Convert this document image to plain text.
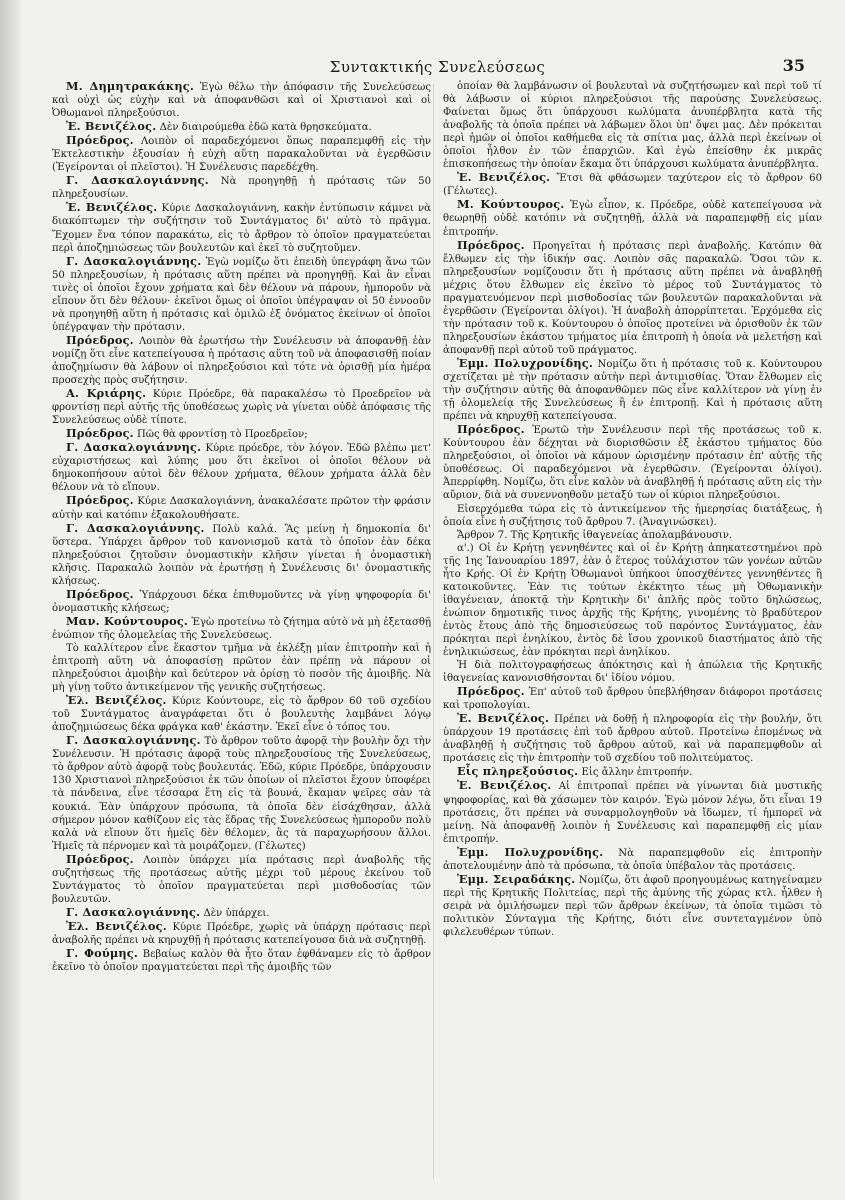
Συντακτικής Συνελεύσεως	35

Μ. Δημητρακάκης. Ἐγὼ θέλω τὴν ἀπόφασιν τῆς Συνελεύσεως καὶ οὐχὶ ὡς εὐχὴν καὶ νὰ ἀποφανθῶσι καὶ οἱ Χριστιανοὶ καὶ οἱ Ὀθωμανοὶ πληρεξούσιοι.

Ἐ. Βενιζέλος. Δὲν διαιρούμεθα ἐδῶ κατὰ θρησκεύματα.

Πρόεδρος. Λοιπὸν οἱ παραδεχόμενοι ὅπως παραπεμφθῇ εἰς τὴν Ἐκτελεστικὴν ἐξουσίαν ἡ εὐχὴ αὕτη παρακαλοῦνται νὰ ἐγερθῶσιν (Ἐγείρονται οἱ πλεῖστοι). Ἡ Συνέλευσις παρεδέχθη.

Γ. Δασκαλογιάννης. Νὰ προηγηθῇ ἡ πρότασις τῶν 50 πληρεξουσίων.

Ἐ. Βενιζέλος. Κύριε Δασκαλογιάννη, κακὴν ἐντύπωσιν κάμνει νὰ διακόπτωμεν τὴν συζήτησιν τοῦ Συντάγματος δι' αὐτὸ τὸ πρᾶγμα. Ἔχομεν ἕνα τόπον παρακάτω, εἰς τὸ ἄρθρον τὸ ὁποῖον πραγματεύεται περὶ ἀποζημιώσεως τῶν βουλευτῶν καὶ ἐκεῖ τὸ συζητοῦμεν.

Γ. Δασκαλογιάννης. Ἐγὼ νομίζω ὅτι ἐπειδὴ ὑπεγράφη ἄνω τῶν 50 πληρεξουσίων, ἡ πρότασις αὕτη πρέπει νὰ προηγηθῇ. Καὶ ἂν εἶναι τινὲς οἱ ὁποῖοι ἔχουν χρήματα καὶ δὲν θέλουν νὰ πάρουν, ἡμποροῦν νὰ εἴπουν ὅτι δὲν θέλουν· ἐκεῖνοι ὅμως οἱ ὁποῖοι ὑπέγραψαν οἱ 50 ἐννοοῦν νὰ προηγηθῇ αὕτη ἡ πρότασις καὶ ὁμιλῶ ἐξ ὀνόματος ἐκείνων οἱ ὁποῖοι ὑπέγραψαν τὴν πρότασιν.

Πρόεδρος. Λοιπὸν θὰ ἐρωτήσω τὴν Συνέλευσιν νὰ ἀποφανθῇ ἐὰν νομίζῃ ὅτι εἶνε κατεπείγουσα ἡ πρότασις αὕτη τοῦ νὰ ἀποφασισθῇ ποίαν ἀποζημίωσιν θὰ λάβουν οἱ πληρεξούσιοι καὶ τότε νὰ ὁρισθῇ μία ἡμέρα προσεχὴς πρὸς συζήτησιν.

Α. Κριάρης. Κύριε Πρόεδρε, θὰ παρακαλέσω τὸ Προεδρεῖον νὰ φροντίσῃ περὶ αὐτῆς τῆς ὑποθέσεως χωρὶς νὰ γίνεται οὐδὲ ἀπόφασις τῆς Συνελεύσεως οὐδὲ τίποτε.

Πρόεδρος. Πῶς θὰ φροντίσῃ τὸ Προεδρεῖον;

Γ. Δασκαλογιάννης. Κύριε πρόεδρε, τὸν λόγον. Ἐδῶ βλέπω μετ' εὐχαριστήσεως καὶ λύπης μου ὅτι ἐκεῖνοι οἱ ὁποῖοι θέλουν νὰ δημοκοπήσουν αὐτοὶ δὲν θέλουν χρήματα, θέλουν χρήματα ἀλλὰ δὲν θέλουν νὰ τὸ εἴπουν.

Πρόεδρος. Κύριε Δασκαλογιάννη, ἀνακαλέσατε πρῶτον τὴν φράσιν αὐτὴν καὶ κατόπιν ἐξακολουθήσατε.

Γ. Δασκαλογιάννης. Πολὺ καλά. Ἂς μείνῃ ἡ δημοκοπία δι' ὕστερα. Ὑπάρχει ἄρθρον τοῦ κανονισμοῦ κατὰ τὸ ὁποῖον ἐὰν δέκα πληρεξούσιοι ζητοῦσιν ὀνομαστικὴν κλῆσιν γίνεται ἡ ὀνομαστικὴ κλῆσις. Παρακαλῶ λοιπὸν νὰ ἐρωτήσῃ ἡ Συνέλευσις δι' ὀνομαστικῆς κλήσεως.

Πρόεδρος. Ὑπάρχουσι δέκα ἐπιθυμοῦντες νὰ γίνῃ ψηφοφορία δι' ὀνομαστικῆς κλήσεως;

Μαν. Κούντουρος. Ἐγὼ προτείνω τὸ ζήτημα αὐτὸ νὰ μὴ ἐξετασθῇ ἐνώπιον τῆς ὁλομελείας τῆς Συνελεύσεως.

Τὸ καλλίτερον εἶνε ἕκαστον τμῆμα νὰ ἐκλέξῃ μίαν ἐπιτροπὴν καὶ ἡ ἐπιτροπὴ αὕτη νὰ ἀποφασίσῃ πρῶτον ἐὰν πρέπῃ νὰ πάρουν οἱ πληρεξούσιοι ἀμοιβὴν καὶ δεύτερον νὰ ὁρίσῃ τὸ ποσὸν τῆς ἀμοιβῆς. Νὰ μὴ γίνῃ τοῦτο ἀντικείμενον τῆς γενικῆς συζητήσεως.

Ἐλ. Βενιζέλος. Κύριε Κούντουρε, εἰς τὸ ἄρθρον 60 τοῦ σχεδίου τοῦ Συντάγματος ἀναγράφεται ὅτι ὁ βουλευτὴς λαμβάνει λόγῳ ἀποζημιώσεως δέκα φράγκα καθ' ἑκάστην. Ἐκεῖ εἶνε ὁ τόπος του.

Γ. Δασκαλογιάννης. Τὸ ἄρθρον τοῦτο ἀφορᾷ τὴν βουλὴν ὄχι τὴν Συνέλευσιν. Ἡ πρότασις ἀφορᾷ τοὺς πληρεξουσίους τῆς Συνελεύσεως, τὸ ἄρθρον αὐτὸ ἀφορᾷ τοὺς βουλευτάς. Ἐδῶ, κύριε Πρόεδρε, ὑπάρχουσιν 130 Χριστιανοὶ πληρεξούσιοι ἐκ τῶν ὁποίων οἱ πλεῖστοι ἔχουν ὑποφέρει τὰ πάνδεινα, εἶνε τέσσαρα ἔτη εἰς τὰ βουνά, ἔκαμαν ψεῖρες σὰν τὰ κουκιά. Ἐὰν ὑπάρχουν πρόσωπα, τὰ ὁποῖα δὲν εἰσάχθησαν, ἀλλὰ σήμερον μόνον καθίζουν εἰς τὰς ἕδρας τῆς Συνελεύσεως ἡμποροῦν πολὺ καλὰ νὰ εἴπουν ὅτι ἡμεῖς δὲν θέλομεν, ἂς τὰ παραχωρήσουν ἄλλοι. Ἡμεῖς τὰ πέρνομεν καὶ τὰ μοιράζομεν. (Γέλωτες)

Πρόεδρος. Λοιπὸν ὑπάρχει μία πρότασις περὶ ἀναβολῆς τῆς συζητήσεως τῆς προτάσεως αὐτῆς μέχρι τοῦ μέρους ἐκείνου τοῦ Συντάγματος τὸ ὁποῖον πραγματεύεται περὶ μισθοδοσίας τῶν βουλευτῶν.

Γ. Δασκαλογιάννης. Δὲν ὑπάρχει.

Ἐλ. Βενιζέλος. Κύριε Πρόεδρε, χωρὶς νὰ ὑπάρχῃ πρότασις περὶ ἀναβολῆς πρέπει νὰ κηρυχθῇ ἡ πρότασις κατεπείγουσα διὰ νὰ συζητηθῇ.

Γ. Φούμης. Βεβαίως καλὸν θὰ ἦτο ὅταν ἐφθάναμεν εἰς τὸ ἄρθρον ἐκεῖνο τὸ ὁποῖον πραγματεύεται περὶ τῆς ἀμοιβῆς τῶν

ὁποίαν θὰ λαμβάνωσιν οἱ βουλευταὶ νὰ συζητήσωμεν καὶ περὶ τοῦ τί θὰ λάβωσιν οἱ κύριοι πληρεξούσιοι τῆς παρούσης Συνελεύσεως. Φαίνεται ὅμως ὅτι ὑπάρχουσι κωλύματα ἀνυπέρβλητα κατὰ τῆς ἀναβολῆς τὰ ὁποῖα πρέπει νὰ λάβωμεν ὅλοι ὑπ' ὄψει μας. Δὲν πρόκειται περὶ ἡμῶν οἱ ὁποῖοι καθήμεθα εἰς τὰ σπίτια μας, ἀλλὰ περὶ ἐκείνων οἱ ὁποῖοι ἦλθον ἐν τῶν ἐπαρχιῶν. Καὶ ἐγὼ ἐπείσθην ἐκ μικρᾶς ἐπισκοπήσεως τὴν ὁποίαν ἔκαμα ὅτι ὑπάρχουσι κωλύματα ἀνυπέρβλητα.

Ἐ. Βενιζέλος. Ἔτσι θὰ φθάσωμεν ταχύτερον εἰς τὸ ἄρθρον 60 (Γέλωτες).

Μ. Κούντουρος. Ἐγὼ εἶπον, κ. Πρόεδρε, οὐδὲ κατεπείγουσα νὰ θεωρηθῇ οὐδὲ κατόπιν νὰ συζητηθῇ, ἀλλὰ νὰ παραπεμφθῇ εἰς μίαν ἐπιτροπήν.

Πρόεδρος. Προηγεῖται ἡ πρότασις περὶ ἀναβολῆς. Κατόπιν θὰ ἔλθωμεν εἰς τὴν ἰδικήν σας. Λοιπὸν σᾶς παρακαλῶ. Ὅσοι τῶν κ. πληρεξουσίων νομίζουσιν ὅτι ἡ πρότασις αὕτη πρέπει νὰ ἀναβληθῇ μέχρις ὅτου ἔλθωμεν εἰς ἐκεῖνο τὸ μέρος τοῦ Συντάγματος τὸ πραγματευόμενον περὶ μισθοδοσίας τῶν βουλευτῶν παρακαλοῦνται νὰ ἐγερθῶσιν (Ἐγείρονται ὀλίγοι). Ἡ ἀναβολὴ ἀπορρίπτεται. Ἐρχόμεθα εἰς τὴν πρότασιν τοῦ κ. Κούντουρου ὁ ὁποῖος προτείνει νὰ ὁρισθοῦν ἐκ τῶν πληρεξουσίων ἑκάστου τμήματος μία ἐπιτροπὴ ἡ ὁποία νὰ μελετήσῃ καὶ ἀποφανθῇ περὶ αὐτοῦ τοῦ πράγματος.

Ἐμμ. Πολυχρονίδης. Νομίζω ὅτι ἡ πρότασις τοῦ κ. Κούντουρου σχετίζεται μὲ τὴν πρότασιν αὐτὴν περὶ ἀντιμισθίας. Ὅταν ἔλθωμεν εἰς τὴν συζήτησιν αὐτῆς θὰ ἀποφανθῶμεν πῶς εἶνε καλλίτερον νὰ γίνῃ ἐν τῇ ὁλομελείᾳ τῆς Συνελεύσεως ἢ ἐν ἐπιτροπῇ. Καὶ ἡ πρότασις αὕτη πρέπει νὰ κηρυχθῇ κατεπείγουσα.

Πρόεδρος. Ἐρωτῶ τὴν Συνέλευσιν περὶ τῆς προτάσεως τοῦ κ. Κούντουρου ἐὰν δέχηται νὰ διορισθῶσιν ἐξ ἑκάστου τμήματος δύο πληρεξούσιοι, οἱ ὁποῖοι νὰ κάμουν ὡρισμένην πρότασιν ἐπ' αὐτῆς τῆς ὑποθέσεως. Οἱ παραδεχόμενοι νὰ ἐγερθῶσιν. (Ἐγείρονται ὀλίγοι). Ἀπερρίφθη. Νομίζω, ὅτι εἶνε καλὸν νὰ ἀναβληθῇ ἡ πρότασις αὕτη εἰς τὴν αὔριον, διὰ νὰ συνεννοηθοῦν μεταξύ των οἱ κύριοι πληρεξούσιοι.

Εἰσερχόμεθα τώρα εἰς τὸ ἀντικείμενον τῆς ἡμερησίας διατάξεως, ἡ ὁποία εἶνε ἡ συζήτησις τοῦ ἄρθρου 7. (Ἀναγινώσκει).

Ἄρθρον 7. Τῆς Κρητικῆς ἰθαγενείας ἀπολαμβάνουσιν.

α'.) Οἱ ἐν Κρήτῃ γεννηθέντες καὶ οἱ ἐν Κρήτῃ ἀπηκατεστημένοι πρὸ τῆς 1ης Ἰανουαρίου 1897, ἐὰν ὁ ἕτερος τοὐλάχιστον τῶν γονέων αὐτῶν ἦτο Κρής. Οἱ ἐν Κρήτῃ Ὀθωμανοὶ ὑπήκοοι ὑποσχθέντες γεννηθέντες ἢ κατοικοῦντες. Ἐὰν τις τούτων ἐκέκτητο τέως μὴ Ὀθωμανικὴν ἰθαγένειαν, ἀποκτᾷ τὴν Κρητικὴν δι' ἁπλῆς πρὸς τοῦτο δηλώσεως, ἐνώπιον δημοτικῆς τινος ἀρχῆς τῆς Κρήτης, γινομένης τὸ βραδύτερον ἐντὸς ἔτους ἀπὸ τῆς δημοσιεύσεως τοῦ παρόντος Συντάγματος, ἐὰν πρόκηται περὶ ἐνηλίκου, ἐντὸς δὲ ἴσου χρονικοῦ διαστήματος ἀπὸ τῆς ἐνηλικιώσεως, ἐὰν πρόκηται περὶ ἀνηλίκου.

Ἡ διὰ πολιτογραφήσεως ἀπόκτησις καὶ ἡ ἀπώλεια τῆς Κρητικῆς ἰθαγενείας κανονισθήσονται δι' ἰδίου νόμου.

Πρόεδρος. Ἐπ' αὐτοῦ τοῦ ἄρθρου ὑπεβλήθησαν διάφοροι προτάσεις καὶ τροπολογίαι.

Ἐ. Βενιζέλος. Πρέπει νὰ δοθῇ ἡ πληροφορία εἰς τὴν βουλήν, ὅτι ὑπάρχουν 19 προτάσεις ἐπὶ τοῦ ἄρθρου αὐτοῦ. Προτείνω ἐπομένως νὰ ἀναβληθῇ ἡ συζήτησις τοῦ ἄρθρου αὐτοῦ, καὶ νὰ παραπεμφθοῦν αἱ προτάσεις εἰς τὴν ἐπιτροπὴν τοῦ σχεδίου τοῦ πολιτεύματος.

Εἷς πληρεξούσιος. Εἰς ἄλλην ἐπιτροπήν.

Ἐ. Βενιζέλος. Αἱ ἐπιτροπαὶ πρέπει νὰ γίνωνται διὰ μυστικῆς ψηφοφορίας, καὶ θὰ χάσωμεν τὸν καιρόν. Ἐγὼ μόνον λέγω, ὅτι εἶναι 19 προτάσεις, ὅτι πρέπει νὰ συναρμολογηθοῦν νὰ ἴδωμεν, τί ἠμπορεῖ νὰ μείνῃ. Νὰ ἀποφανθῇ λοιπὸν ἡ Συνέλευσις καὶ παραπεμφθῇ εἰς μίαν ἐπιτροπήν.

Ἐμμ. Πολυχρονίδης. Νὰ παραπεμφθοῦν εἰς ἐπιτροπὴν ἀποτελουμένην ἀπὸ τὰ πρόσωπα, τὰ ὁποῖα ὑπέβαλον τὰς προτάσεις.

Ἐμμ. Σειραδάκης. Νομίζω, ὅτι ἀφοῦ προηγουμένως κατηγείναμεν περὶ τῆς Κρητικῆς Πολιτείας, περὶ τῆς ἀμύνης τῆς χώρας κτλ. ἦλθεν ἡ σειρὰ νὰ ὁμιλήσωμεν περὶ τῶν ἄρθρων ἐκείνων, τὰ ὁποῖα τιμῶσι τὸ πολιτικὸν Σύνταγμα τῆς Κρήτης, διότι εἶνε συντεταγμένον ὑπὸ φιλελευθέρων τύπων.
